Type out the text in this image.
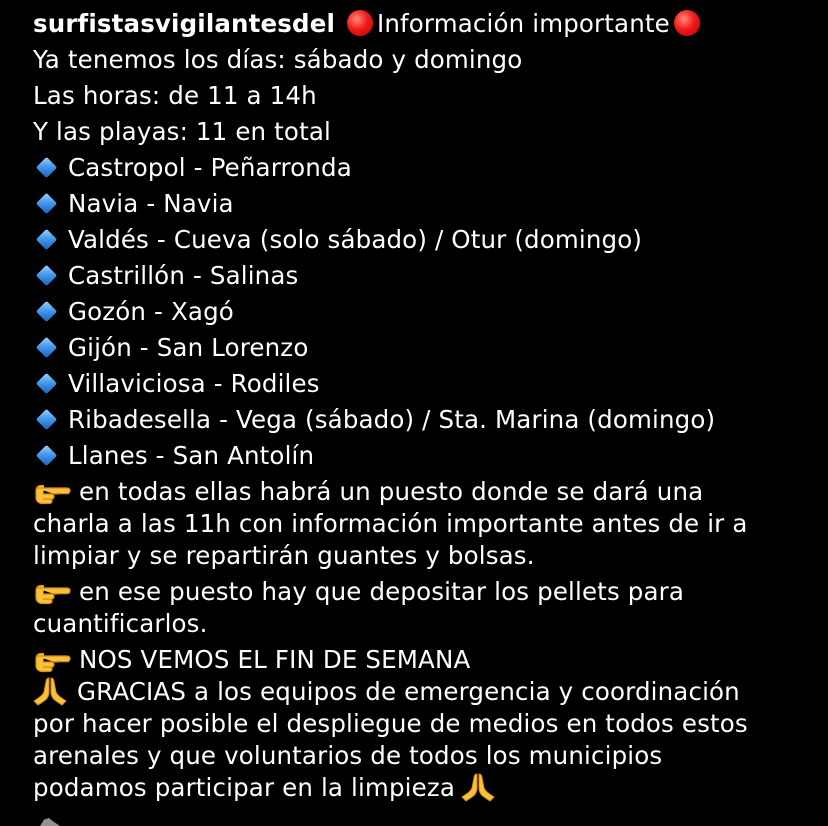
surfistasvigilantesdel Información importante
Ya tenemos los días: sábado y domingo
Las horas: de 11 a 14h
Y las playas: 11 en total
Castropol - Peñarronda
Navia - Navia
Valdés - Cueva (solo sábado) / Otur (domingo)
Castrillón - Salinas
Gozón - Xagó
Gijón - San Lorenzo
Villaviciosa - Rodiles
Ribadesella - Vega (sábado) / Sta. Marina (domingo)
Llanes - San Antolín
en todas ellas habrá un puesto donde se dará una
charla a las 11h con información importante antes de ir a
limpiar y se repartirán guantes y bolsas.
en ese puesto hay que depositar los pellets para
cuantificarlos.
NOS VEMOS EL FIN DE SEMANA
GRACIAS a los equipos de emergencia y coordinación
por hacer posible el despliegue de medios en todos estos
arenales y que voluntarios de todos los municipios
podamos participar en la limpieza
